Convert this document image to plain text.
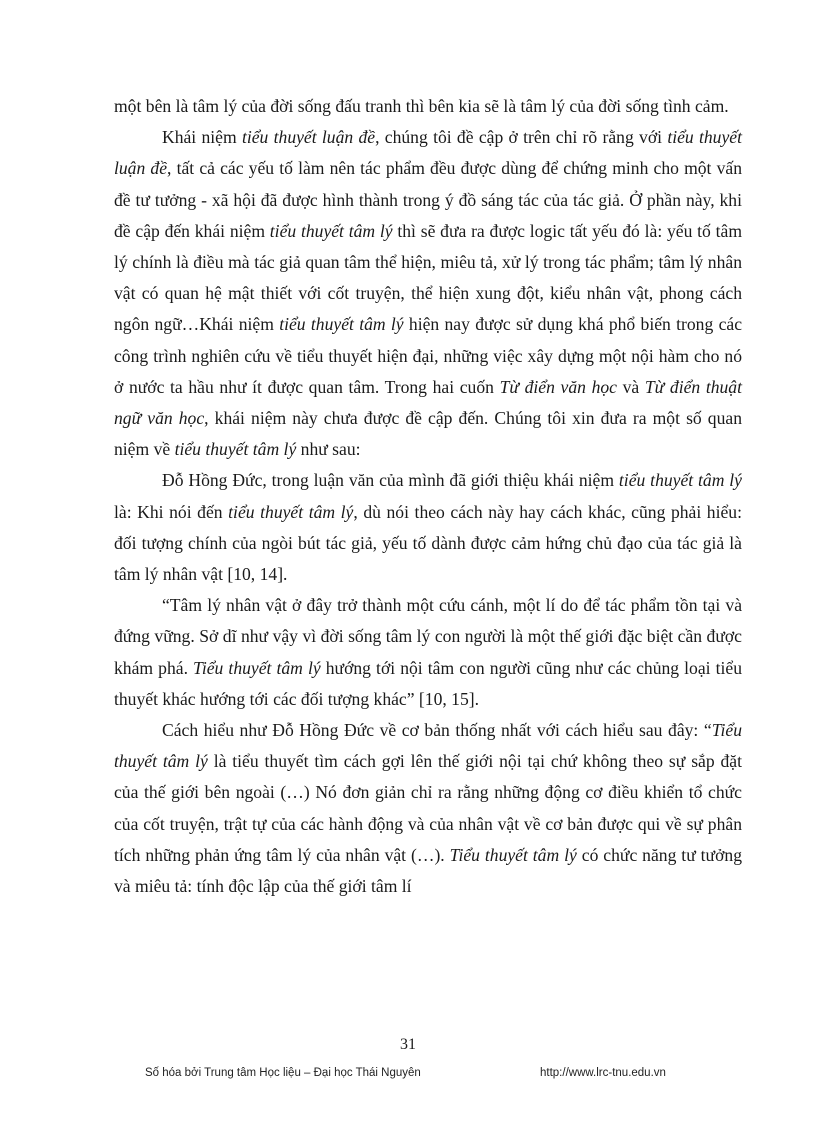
một bên là tâm lý của đời sống đấu tranh thì bên kia sẽ là tâm lý của đời sống tình cảm.

Khái niệm tiểu thuyết luận đề, chúng tôi đề cập ở trên chỉ rõ rằng với tiểu thuyết luận đề, tất cả các yếu tố làm nên tác phẩm đều được dùng để chứng minh cho một vấn đề tư tưởng - xã hội đã được hình thành trong ý đồ sáng tác của tác giả. Ở phần này, khi đề cập đến khái niệm tiểu thuyết tâm lý thì sẽ đưa ra được logic tất yếu đó là: yếu tố tâm lý chính là điều mà tác giả quan tâm thể hiện, miêu tả, xử lý trong tác phẩm; tâm lý nhân vật có quan hệ mật thiết với cốt truyện, thể hiện xung đột, kiểu nhân vật, phong cách ngôn ngữ…Khái niệm tiểu thuyết tâm lý hiện nay được sử dụng khá phổ biến trong các công trình nghiên cứu về tiểu thuyết hiện đại, những việc xây dựng một nội hàm cho nó ở nước ta hầu như ít được quan tâm. Trong hai cuốn Từ điển văn học và Từ điển thuật ngữ văn học, khái niệm này chưa được đề cập đến. Chúng tôi xin đưa ra một số quan niệm về tiểu thuyết tâm lý như sau:

Đỗ Hồng Đức, trong luận văn của mình đã giới thiệu khái niệm tiểu thuyết tâm lý là: Khi nói đến tiểu thuyết tâm lý, dù nói theo cách này hay cách khác, cũng phải hiểu: đối tượng chính của ngòi bút tác giả, yếu tố dành được cảm hứng chủ đạo của tác giả là tâm lý nhân vật [10, 14].

“Tâm lý nhân vật ở đây trở thành một cứu cánh, một lí do để tác phẩm tồn tại và đứng vững. Sở dĩ như vậy vì đời sống tâm lý con người là một thế giới đặc biệt cần được khám phá. Tiểu thuyết tâm lý hướng tới nội tâm con người cũng như các chủng loại tiểu thuyết khác hướng tới các đối tượng khác” [10, 15].

Cách hiểu như Đỗ Hồng Đức về cơ bản thống nhất với cách hiểu sau đây: “Tiểu thuyết tâm lý là tiểu thuyết tìm cách gợi lên thế giới nội tại chứ không theo sự sắp đặt của thế giới bên ngoài (…) Nó đơn giản chỉ ra rằng những động cơ điều khiển tổ chức của cốt truyện, trật tự của các hành động và của nhân vật về cơ bản được qui về sự phân tích những phản ứng tâm lý của nhân vật (…). Tiểu thuyết tâm lý có chức năng tư tưởng và miêu tả: tính độc lập của thế giới tâm lí

31
Số hóa bởi Trung tâm Học liệu – Đại học Thái Nguyên	http://www.lrc-tnu.edu.vn
